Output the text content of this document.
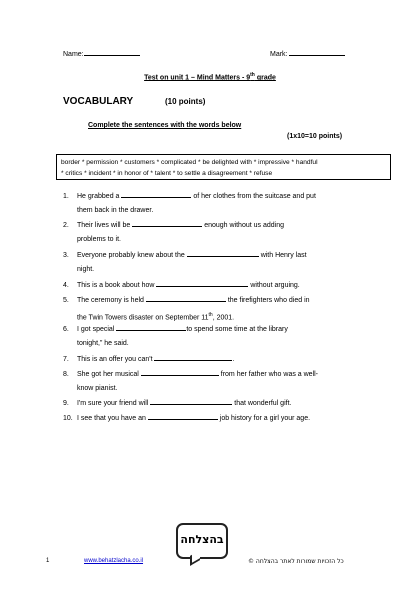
Name:	Mark:
Test on unit 1 – Mind Matters - 9th grade
VOCABULARY	(10 points)
Complete the sentences with the words below
(1x10=10 points)
border * permission * customers * complicated * be delighted with * impressive * handful
* critics * incident * in honor of * talent * to settle a disagreement * refuse
1. He grabbed a	of her clothes from the suitcase and put
them back in the drawer.
2. Their lives will be	enough without us adding
problems to it.
3. Everyone probably knew about the	with Henry last
night.
4. This is a book about how	without arguing.
5. The ceremony is held	the firefighters who died in
the Twin Towers disaster on September 11th, 2001.
6. I got special	to spend some time at the library
tonight,” he said.
7. This is an offer you can't	.
8. She got her musical	from her father who was a well-
know pianist.
9. I'm sure your friend will	that wonderful gift.
10. I see that you have an	job history for a girl your age.
בהצלחה
1	www.behatzlacha.co.il	כל הזכויות שמורות לאתר בהצלחה ©
